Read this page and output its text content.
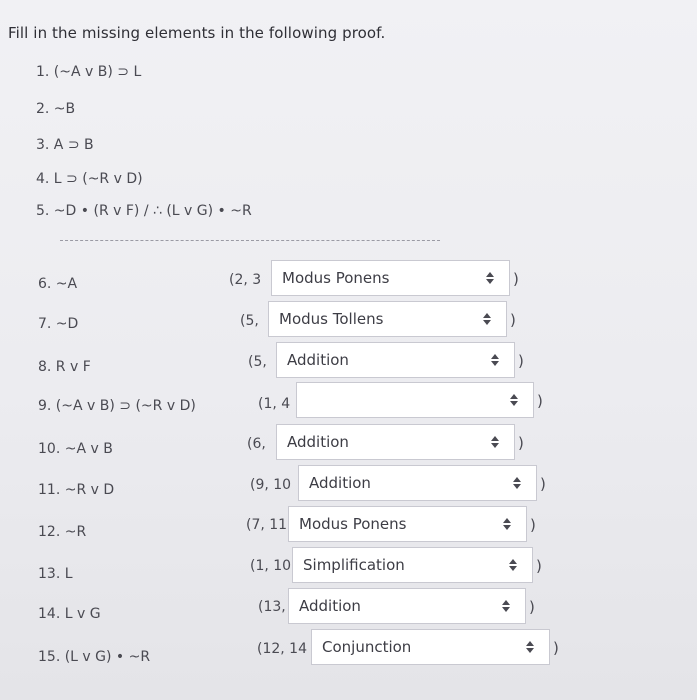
Fill in the missing elements in the following proof.
1. (~A v B) ⊃ L
2. ~B
3. A ⊃ B
4. L ⊃ (~R v D)
5. ~D • (R v F) / ∴ (L v G) • ~R
6. ~A	(2, 3 Modus Ponens	)
7. ~D	(5, Modus Tollens	)
8. R v F	(5, Addition	)
9. (~A v B) ⊃ (~R v D)	(1, 4	)
10. ~A v B	(6, Addition	)
11. ~R v D	(9, 10 Addition	)
12. ~R	(7, 11 Modus Ponens	)
13. L	(1, 10 Simplification	)
14. L v G	(13, Addition	)
15. (L v G) • ~R	(12, 14 Conjunction	)
